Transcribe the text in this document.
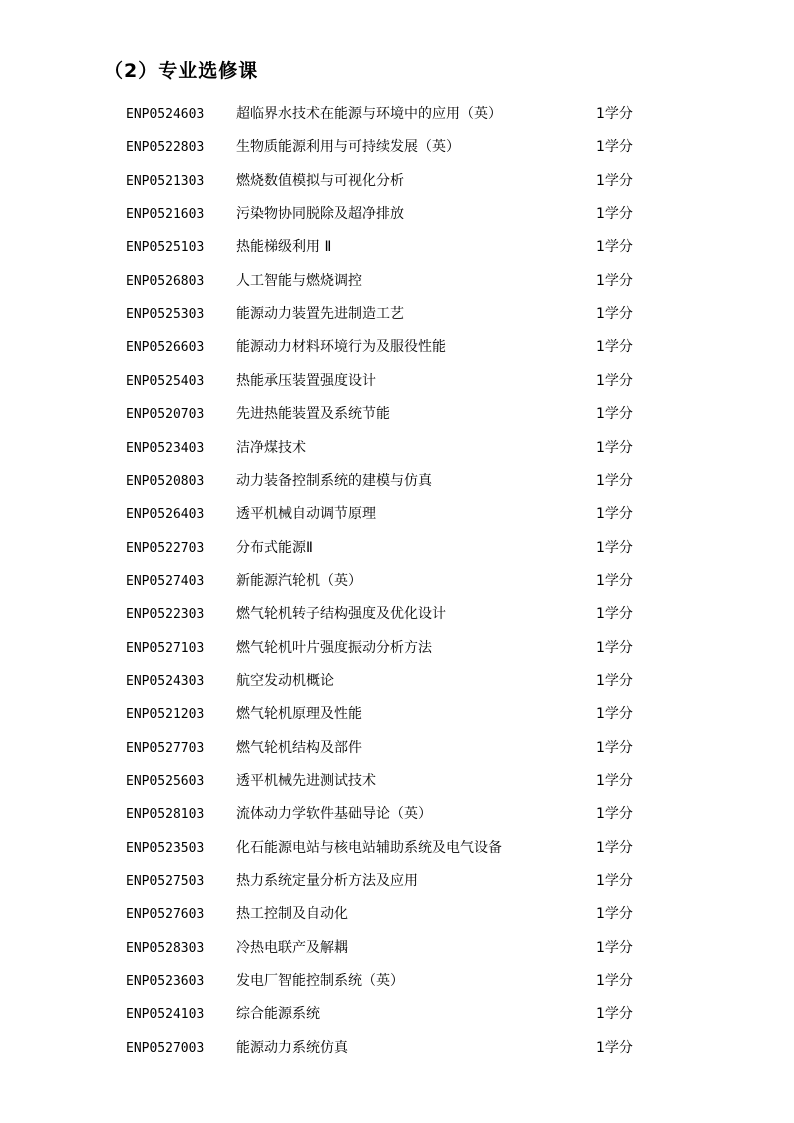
（2）专业选修课
ENP0524603 超临界水技术在能源与环境中的应用（英）	1学分
ENP0522803 生物质能源利用与可持续发展（英）	1学分
ENP0521303 燃烧数值模拟与可视化分析	1学分
ENP0521603 污染物协同脱除及超净排放	1学分
ENP0525103 热能梯级利用 Ⅱ	1学分
ENP0526803 人工智能与燃烧调控	1学分
ENP0525303 能源动力装置先进制造工艺	1学分
ENP0526603 能源动力材料环境行为及服役性能	1学分
ENP0525403 热能承压装置强度设计	1学分
ENP0520703 先进热能装置及系统节能	1学分
ENP0523403 洁净煤技术	1学分
ENP0520803 动力装备控制系统的建模与仿真	1学分
ENP0526403 透平机械自动调节原理	1学分
ENP0522703 分布式能源Ⅱ	1学分
ENP0527403 新能源汽轮机（英）	1学分
ENP0522303 燃气轮机转子结构强度及优化设计	1学分
ENP0527103 燃气轮机叶片强度振动分析方法	1学分
ENP0524303 航空发动机概论	1学分
ENP0521203 燃气轮机原理及性能	1学分
ENP0527703 燃气轮机结构及部件	1学分
ENP0525603 透平机械先进测试技术	1学分
ENP0528103 流体动力学软件基础导论（英）	1学分
ENP0523503 化石能源电站与核电站辅助系统及电气设备	1学分
ENP0527503 热力系统定量分析方法及应用	1学分
ENP0527603 热工控制及自动化	1学分
ENP0528303 冷热电联产及解耦	1学分
ENP0523603 发电厂智能控制系统（英）	1学分
ENP0524103 综合能源系统	1学分
ENP0527003 能源动力系统仿真	1学分
